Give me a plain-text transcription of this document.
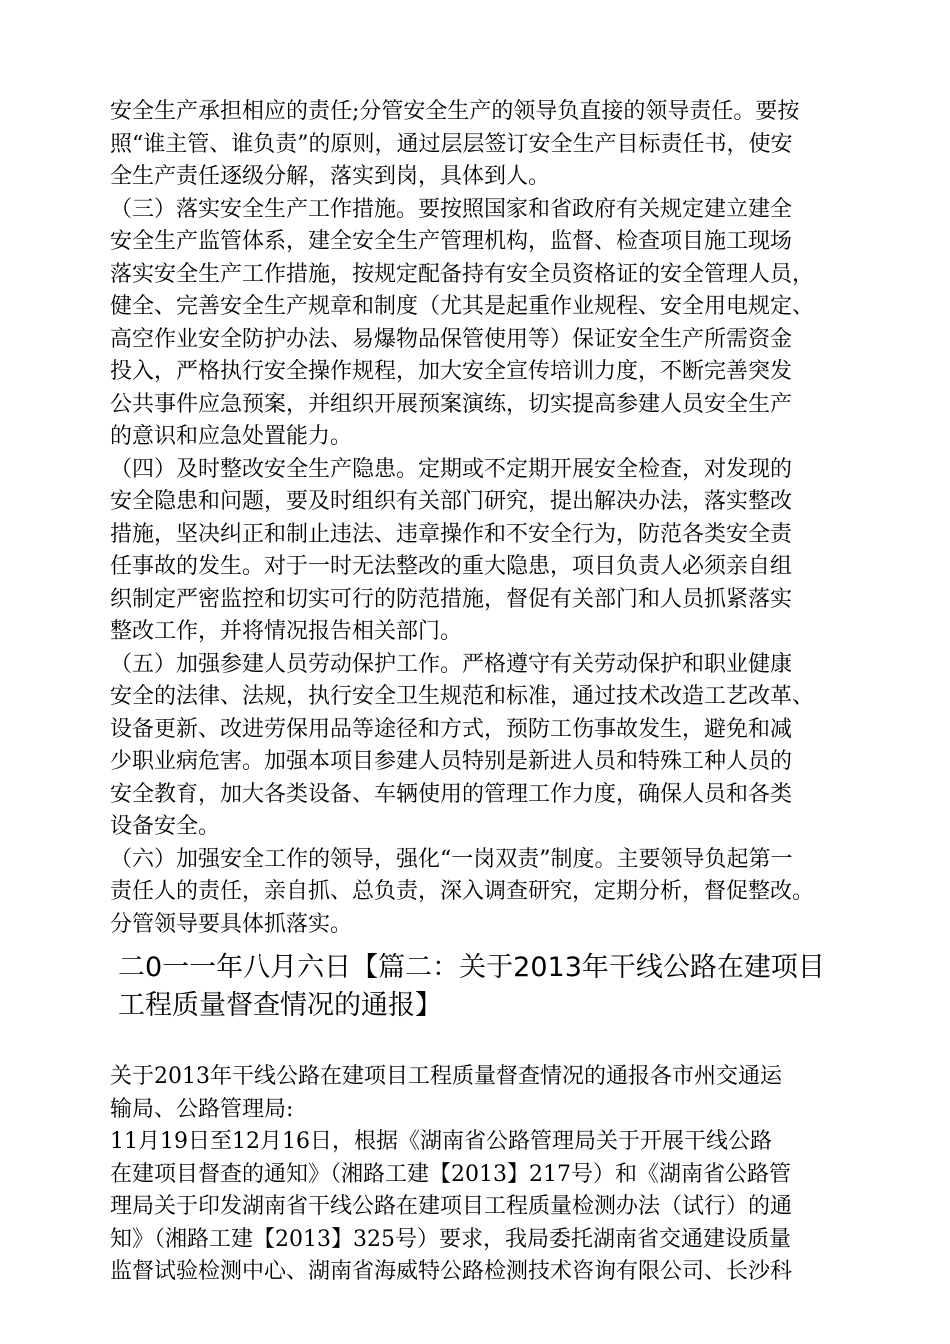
安全生产承担相应的责任;分管安全生产的领导负直接的领导责任。要按
照“谁主管、谁负责”的原则，通过层层签订安全生产目标责任书，使安
全生产责任逐级分解，落实到岗，具体到人。
（三）落实安全生产工作措施。要按照国家和省政府有关规定建立建全
安全生产监管体系，建全安全生产管理机构，监督、检查项目施工现场
落实安全生产工作措施，按规定配备持有安全员资格证的安全管理人员，
健全、完善安全生产规章和制度（尤其是起重作业规程、安全用电规定、
高空作业安全防护办法、易爆物品保管使用等）保证安全生产所需资金
投入，严格执行安全操作规程，加大安全宣传培训力度，不断完善突发
公共事件应急预案，并组织开展预案演练，切实提高参建人员安全生产
的意识和应急处置能力。
（四）及时整改安全生产隐患。定期或不定期开展安全检查，对发现的
安全隐患和问题，要及时组织有关部门研究，提出解决办法，落实整改
措施，坚决纠正和制止违法、违章操作和不安全行为，防范各类安全责
任事故的发生。对于一时无法整改的重大隐患，项目负责人必须亲自组
织制定严密监控和切实可行的防范措施，督促有关部门和人员抓紧落实
整改工作，并将情况报告相关部门。
（五）加强参建人员劳动保护工作。严格遵守有关劳动保护和职业健康
安全的法律、法规，执行安全卫生规范和标准，通过技术改造工艺改革、
设备更新、改进劳保用品等途径和方式，预防工伤事故发生，避免和减
少职业病危害。加强本项目参建人员特别是新进人员和特殊工种人员的
安全教育，加大各类设备、车辆使用的管理工作力度，确保人员和各类
设备安全。
（六）加强安全工作的领导，强化“一岗双责”制度。主要领导负起第一
责任人的责任，亲自抓、总负责，深入调查研究，定期分析，督促整改。
分管领导要具体抓落实。
二0一一年八月六日【篇二：关于2013年干线公路在建项目
工程质量督查情况的通报】
关于2013年干线公路在建项目工程质量督查情况的通报各市州交通运
输局、公路管理局:
11月19日至12月16日，根据《湖南省公路管理局关于开展干线公路
在建项目督查的通知》（湘路工建【2013】217号）和《湖南省公路管
理局关于印发湖南省干线公路在建项目工程质量检测办法（试行）的通
知》（湘路工建【2013】325号）要求，我局委托湖南省交通建设质量
监督试验检测中心、湖南省海威特公路检测技术咨询有限公司、长沙科
